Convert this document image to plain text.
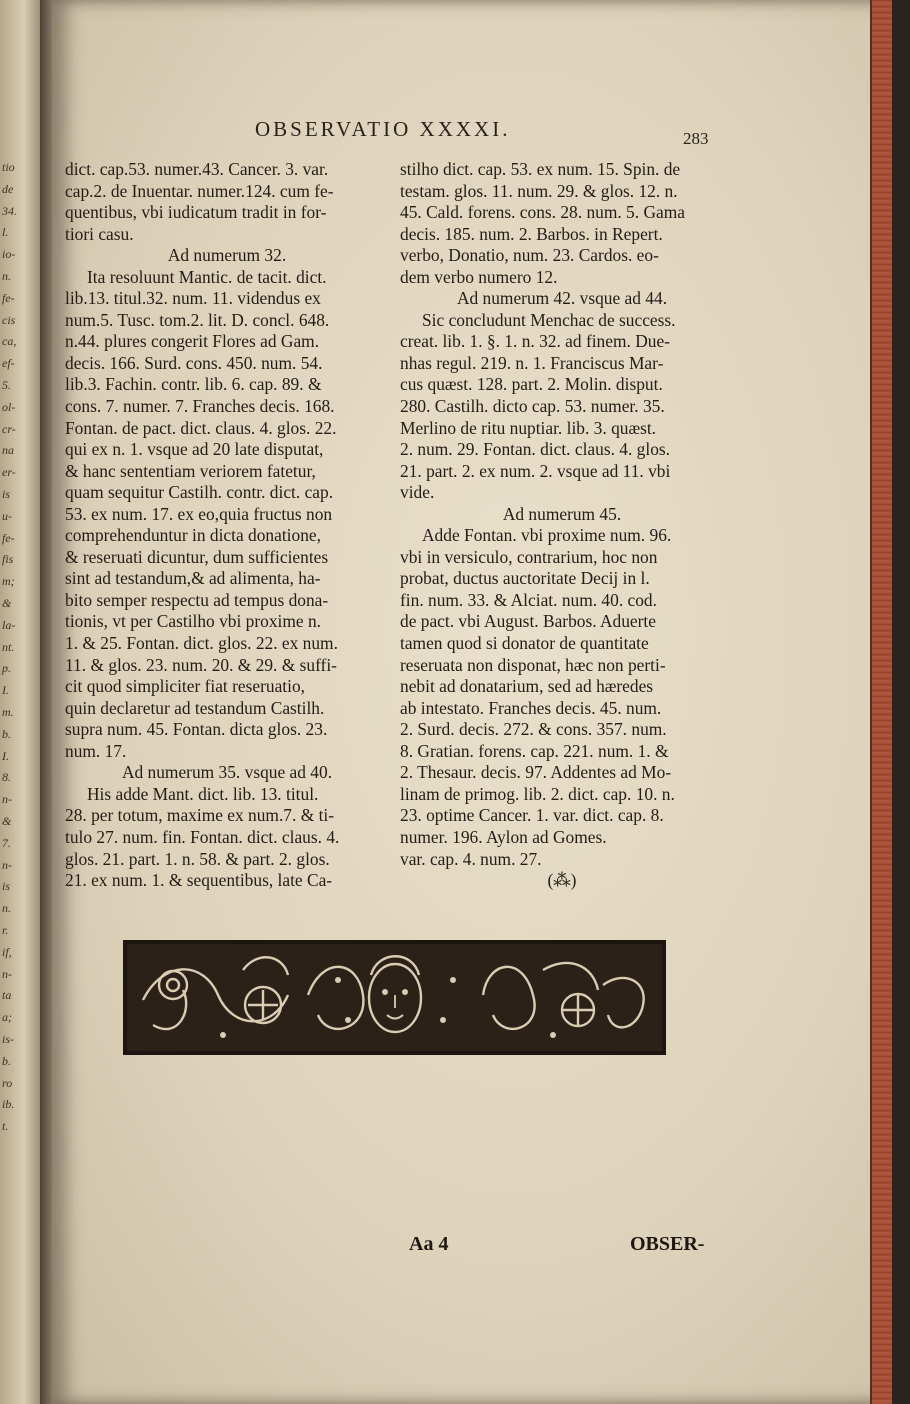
tio
de
34.
l.
io-
n.
fe-
cis
ca,
ef-
5.
ol-
cr-
na
er-
is
u-
fe-
fis
m;
&
la-
nt.
p.
I.
m.
b.
I.
8.
n-
&
7.
n-
is
n.
r.
if,
n-
ta
a;
is-
b.
ro
ib.
t.
OBSERVATIO XXXXI.	283
dict. cap.53. numer.43. Cancer. 3. var.
cap.2. de Inuentar. numer.124. cum fe-
quentibus, vbi iudicatum tradit in for-
tiori casu.
Ad numerum 32.
Ita resoluunt Mantic. de tacit. dict.
lib.13. titul.32. num. 11. videndus ex
num.5. Tusc. tom.2. lit. D. concl. 648.
n.44. plures congerit Flores ad Gam.
decis. 166. Surd. cons. 450. num. 54.
lib.3. Fachin. contr. lib. 6. cap. 89. &
cons. 7. numer. 7. Franches decis. 168.
Fontan. de pact. dict. claus. 4. glos. 22.
qui ex n. 1. vsque ad 20 late disputat,
& hanc sententiam veriorem fatetur,
quam sequitur Castilh. contr. dict. cap.
53. ex num. 17. ex eo,quia fructus non
comprehenduntur in dicta donatione,
& reseruati dicuntur, dum sufficientes
sint ad testandum,& ad alimenta, ha-
bito semper respectu ad tempus dona-
tionis, vt per Castilho vbi proxime n.
1. & 25. Fontan. dict. glos. 22. ex num.
11. & glos. 23. num. 20. & 29. & suffi-
cit quod simpliciter fiat reseruatio,
quin declaretur ad testandum Castilh.
supra num. 45. Fontan. dicta glos. 23.
num. 17.
Ad numerum 35. vsque ad 40.
His adde Mant. dict. lib. 13. titul.
28. per totum, maxime ex num.7. & ti-
tulo 27. num. fin. Fontan. dict. claus. 4.
glos. 21. part. 1. n. 58. & part. 2. glos.
21. ex num. 1. & sequentibus, late Ca-
stilho dict. cap. 53. ex num. 15. Spin. de
testam. glos. 11. num. 29. & glos. 12. n.
45. Cald. forens. cons. 28. num. 5. Gama
decis. 185. num. 2. Barbos. in Repert.
verbo, Donatio, num. 23. Cardos. eo-
dem verbo numero 12.
Ad numerum 42. vsque ad 44.
Sic concludunt Menchac de success.
creat. lib. 1. §. 1. n. 32. ad finem. Due-
nhas regul. 219. n. 1. Franciscus Mar-
cus quæst. 128. part. 2. Molin. disput.
280. Castilh. dicto cap. 53. numer. 35.
Merlino de ritu nuptiar. lib. 3. quæst.
2. num. 29. Fontan. dict. claus. 4. glos.
21. part. 2. ex num. 2. vsque ad 11. vbi
vide.
Ad numerum 45.
Adde Fontan. vbi proxime num. 96.
vbi in versiculo, contrarium, hoc non
probat, ductus auctoritate Decij in l.
fin. num. 33. & Alciat. num. 40. cod.
de pact. vbi August. Barbos. Aduerte
tamen quod si donator de quantitate
reseruata non disponat, hæc non perti-
nebit ad donatarium, sed ad hæredes
ab intestato. Franches decis. 45. num.
2. Surd. decis. 272. & cons. 357. num.
8. Gratian. forens. cap. 221. num. 1. &
2. Thesaur. decis. 97. Addentes ad Mo-
linam de primog. lib. 2. dict. cap. 10. n.
23. optime Cancer. 1. var. dict. cap. 8.
numer. 196. Aylon ad Gomes.
var. cap. 4. num. 27.
(⁂)
Aa 4	OBSER-
